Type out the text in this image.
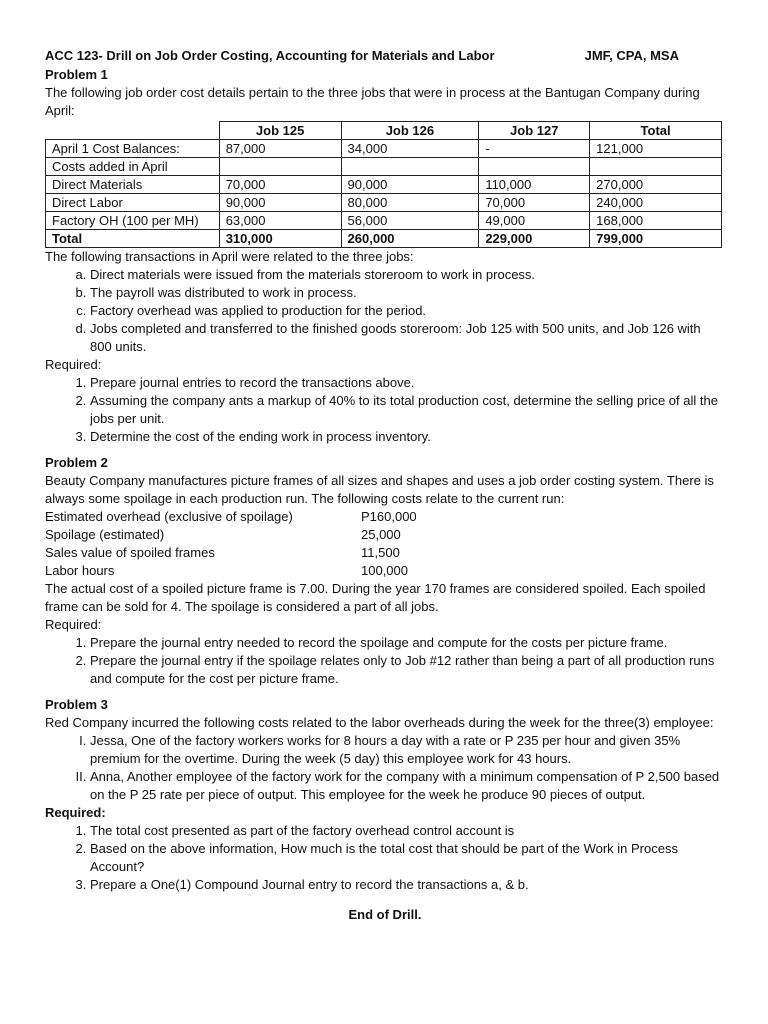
ACC 123- Drill on Job Order Costing, Accounting for Materials and Labor	JMF, CPA, MSA
Problem 1

The following job order cost details pertain to the three jobs that were in process at the Bantugan Company during April:

	Job 125	Job 126	Job 127	Total
April 1 Cost Balances:	87,000	34,000	-	121,000
Costs added in April				
Direct Materials	70,000	90,000	110,000	270,000
Direct Labor	90,000	80,000	70,000	240,000
Factory OH (100 per MH)	63,000	56,000	49,000	168,000
Total	310,000	260,000	229,000	799,000

The following transactions in April were related to the three jobs:

a. Direct materials were issued from the materials storeroom to work in process.
b. The payroll was distributed to work in process.
c. Factory overhead was applied to production for the period.
d. Jobs completed and transferred to the finished goods storeroom: Job 125 with 500 units, and Job 126 with 800 units.
Required:
1. Prepare journal entries to record the transactions above.
2. Assuming the company ants a markup of 40% to its total production cost, determine the selling price of all the jobs per unit.
3. Determine the cost of the ending work in process inventory.
Problem 2

Beauty Company manufactures picture frames of all sizes and shapes and uses a job order costing system. There is always some spoilage in each production run. The following costs relate to the current run:

Estimated overhead (exclusive of spoilage)	P160,000
Spoilage (estimated)	25,000
Sales value of spoiled frames	11,500
Labor hours	100,000

The actual cost of a spoiled picture frame is 7.00. During the year 170 frames are considered spoiled. Each spoiled frame can be sold for 4. The spoilage is considered a part of all jobs.

Required:
1. Prepare the journal entry needed to record the spoilage and compute for the costs per picture frame.
2. Prepare the journal entry if the spoilage relates only to Job #12 rather than being a part of all production runs and compute for the cost per picture frame.
Problem 3

Red Company incurred the following costs related to the labor overheads during the week for the three(3) employee:

I. Jessa, One of the factory workers works for 8 hours a day with a rate or P 235 per hour and given 35% premium for the overtime. During the week (5 day) this employee work for 43 hours.
II. Anna, Another employee of the factory work for the company with a minimum compensation of P 2,500 based on the P 25 rate per piece of output. This employee for the week he produce 90 pieces of output.
Required:
1. The total cost presented as part of the factory overhead control account is
2. Based on the above information, How much is the total cost that should be part of the Work in Process Account?
3. Prepare a One(1) Compound Journal entry to record the transactions a, & b.
End of Drill.
